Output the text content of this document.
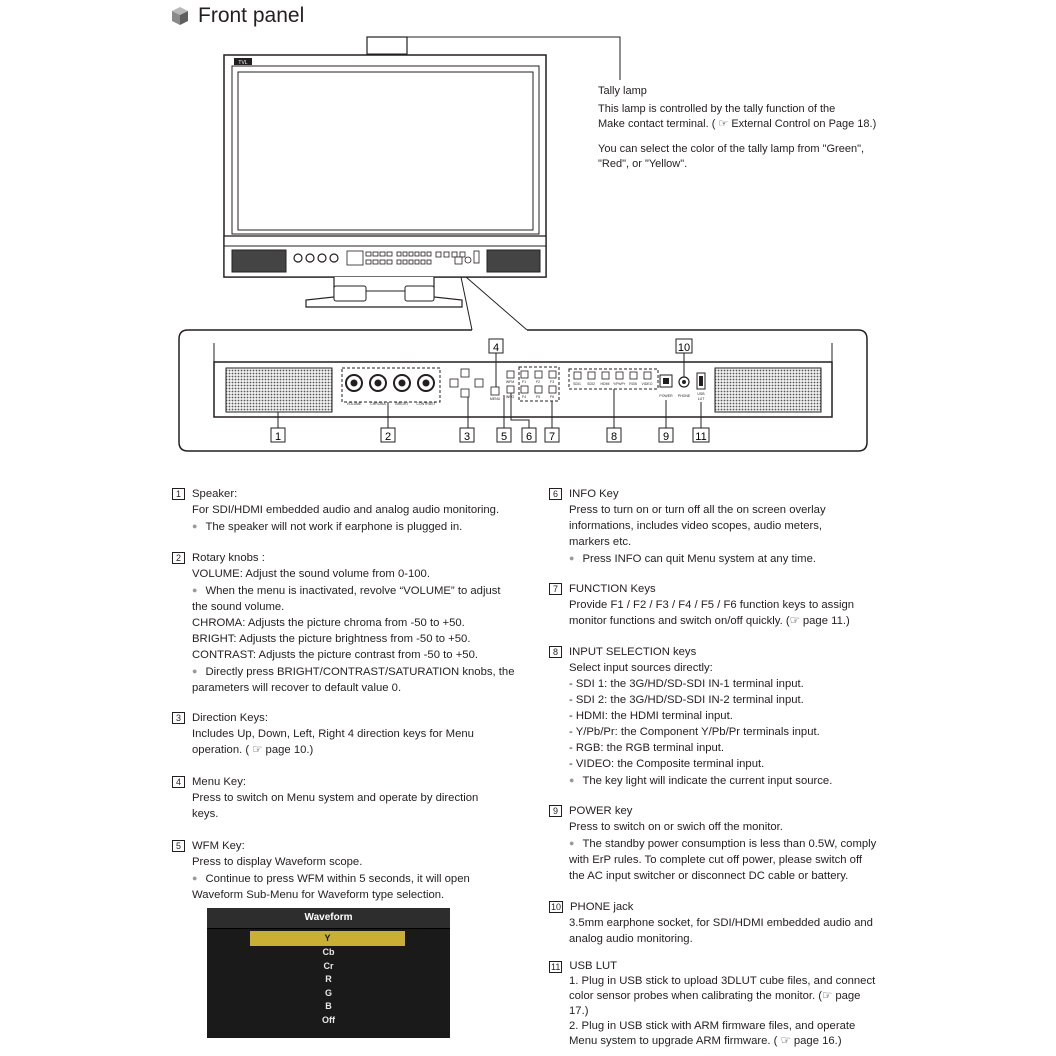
Front panel
TVL
VOLUME	CHROMA	BRIGHT CONTRAST
MENU
WFM
INFO
F1	F2	F3
F4	F5	F6
SDI1 SDI2 HDMI Y/Pb/Pr RGB VIDEO
POWER PHONE USB
LUT
1	2	3
4
5 6 7	8	9
10
11
Tally lamp
This lamp is controlled by the tally function of the
Make contact terminal. ( ☞ External Control on Page 18.)
You can select the color of the tally lamp from "Green",
"Red", or "Yellow".
1 Speaker:
For SDI/HDMI embedded audio and analog audio monitoring.
● The speaker will not work if earphone is plugged in.
2 Rotary knobs :
VOLUME: Adjust the sound volume from 0-100.
● When the menu is inactivated, revolve “VOLUME” to adjust
the sound volume.
CHROMA: Adjusts the picture chroma from -50 to +50.
BRIGHT: Adjusts the picture brightness from -50 to +50.
CONTRAST: Adjusts the picture contrast from -50 to +50.
● Directly press BRIGHT/CONTRAST/SATURATION knobs, the
parameters will recover to default value 0.
3 Direction Keys:
Includes Up, Down, Left, Right 4 direction keys for Menu
operation. ( ☞ page 10.)
4 Menu Key:
Press to switch on Menu system and operate by direction
keys.
5 WFM Key:
Press to display Waveform scope.
● Continue to press WFM within 5 seconds, it will open
Waveform Sub-Menu for Waveform type selection.
Waveform
Y
Cb
Cr
R
G
B
Off
6 INFO Key
Press to turn on or turn off all the on screen overlay
informations, includes video scopes, audio meters,
markers etc.
● Press INFO can quit Menu system at any time.
7 FUNCTION Keys
Provide F1 / F2 / F3 / F4 / F5 / F6 function keys to assign
monitor functions and switch on/off quickly. (☞ page 11.)
8 INPUT SELECTION keys
Select input sources directly:
- SDI 1: the 3G/HD/SD-SDI IN-1 terminal input.
- SDI 2: the 3G/HD/SD-SDI IN-2 terminal input.
- HDMI: the HDMI terminal input.
- Y/Pb/Pr: the Component Y/Pb/Pr terminals input.
- RGB: the RGB terminal input.
- VIDEO: the Composite terminal input.
● The key light will indicate the current input source.
9 POWER key
Press to switch on or swich off the monitor.
● The standby power consumption is less than 0.5W, comply
with ErP rules. To complete cut off power, please switch off
the AC input switcher or disconnect DC cable or battery.
10 PHONE jack
3.5mm earphone socket, for SDI/HDMI embedded audio and
analog audio monitoring.
11 USB LUT
1. Plug in USB stick to upload 3DLUT cube files, and connect
color sensor probes when calibrating the monitor. (☞ page
17.)
2. Plug in USB stick with ARM firmware files, and operate
Menu system to upgrade ARM firmware. ( ☞ page 16.)
